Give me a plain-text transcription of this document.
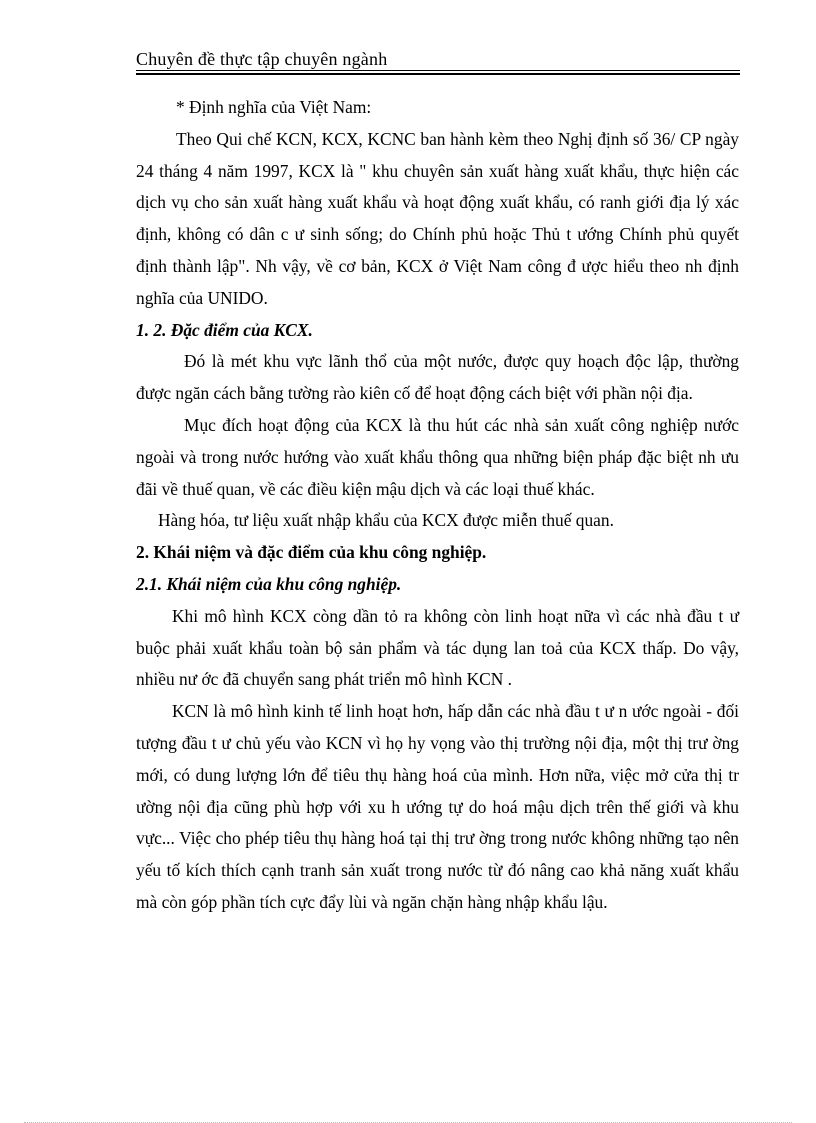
Chuyên đề thực tập chuyên ngành

* Định nghĩa của Việt Nam:

Theo Qui chế KCN, KCX, KCNC ban hành kèm theo Nghị định số 36/ CP ngày 24 tháng 4 năm 1997, KCX là " khu chuyên sản xuất hàng xuất khẩu, thực hiện các dịch vụ cho sản xuất hàng xuất khẩu và hoạt động xuất khẩu, có ranh giới địa lý xác định, không có dân c ư sinh sống; do Chính phủ hoặc Thủ t ướng Chính phủ quyết định thành lập". Nh vậy, về cơ bản, KCX ở Việt Nam công đ ược hiểu theo nh định nghĩa của UNIDO.

1. 2. Đặc điểm của KCX.

Đó là mét khu vực lãnh thổ của một nước, được quy hoạch độc lập, thường được ngăn cách bằng tường rào kiên cố để hoạt động cách biệt với phần nội địa.

Mục đích hoạt động của KCX là thu hút các nhà sản xuất công nghiệp nước ngoài và trong nước hướng vào xuất khẩu thông qua những biện pháp đặc biệt nh ưu đãi về thuế quan, về các điều kiện mậu dịch và các loại thuế khác.

Hàng hóa, tư liệu xuất nhập khẩu của KCX được miễn thuế quan.

2. Khái niệm và đặc điểm của khu công nghiệp.

2.1. Khái niệm của khu công nghiệp.

Khi mô hình KCX còng dần tỏ ra không còn linh hoạt nữa vì các nhà đầu t ư buộc phải xuất khẩu toàn bộ sản phẩm và tác dụng lan toả của KCX thấp. Do vậy, nhiều nư ớc đã chuyển sang phát triển mô hình KCN .

KCN là mô hình kinh tế linh hoạt hơn, hấp dẫn các nhà đầu t ư n ước ngoài - đối tượng đầu t ư chủ yếu vào KCN vì họ hy vọng vào thị trường nội địa, một thị trư ờng mới, có dung lượng lớn để tiêu thụ hàng hoá của mình. Hơn nữa, việc mở cửa thị tr ường nội địa cũng phù hợp với xu h ướng tự do hoá mậu dịch trên thế giới và khu vực... Việc cho phép tiêu thụ hàng hoá tại thị trư ờng trong nước không những tạo nên yếu tố kích thích cạnh tranh sản xuất trong nước từ đó nâng cao khả năng xuất khẩu mà còn góp phần tích cực đẩy lùi và ngăn chặn hàng nhập khẩu lậu.
